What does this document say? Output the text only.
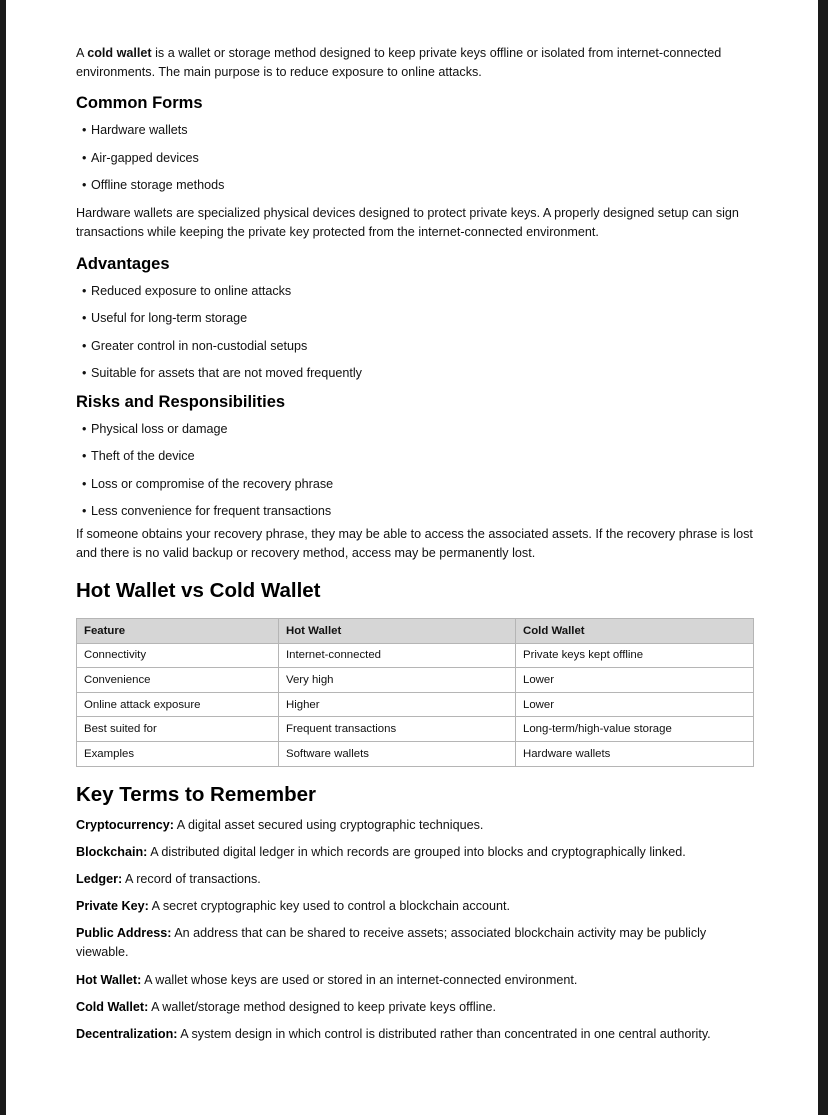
A cold wallet is a wallet or storage method designed to keep private keys offline or isolated from internet-connected environments. The main purpose is to reduce exposure to online attacks.

Common Forms
• Hardware wallets
• Air-gapped devices
• Offline storage methods

Hardware wallets are specialized physical devices designed to protect private keys. A properly designed setup can sign transactions while keeping the private key protected from the internet-connected environment.

Advantages
• Reduced exposure to online attacks
• Useful for long-term storage
• Greater control in non-custodial setups
• Suitable for assets that are not moved frequently
Risks and Responsibilities
• Physical loss or damage
• Theft of the device
• Loss or compromise of the recovery phrase
• Less convenience for frequent transactions

If someone obtains your recovery phrase, they may be able to access the associated assets. If the recovery phrase is lost and there is no valid backup or recovery method, access may be permanently lost.

Hot Wallet vs Cold Wallet
Feature	Hot Wallet	Cold Wallet
Connectivity	Internet-connected	Private keys kept offline
Convenience	Very high	Lower
Online attack exposure	Higher	Lower
Best suited for	Frequent transactions	Long-term/high-value storage
Examples	Software wallets	Hardware wallets
Key Terms to Remember
Cryptocurrency: A digital asset secured using cryptographic techniques.
Blockchain: A distributed digital ledger in which records are grouped into blocks and cryptographically linked.
Ledger: A record of transactions.
Private Key: A secret cryptographic key used to control a blockchain account.
Public Address: An address that can be shared to receive assets; associated blockchain activity may be publicly viewable.
Hot Wallet: A wallet whose keys are used or stored in an internet-connected environment.
Cold Wallet: A wallet/storage method designed to keep private keys offline.
Decentralization: A system design in which control is distributed rather than concentrated in one central authority.
